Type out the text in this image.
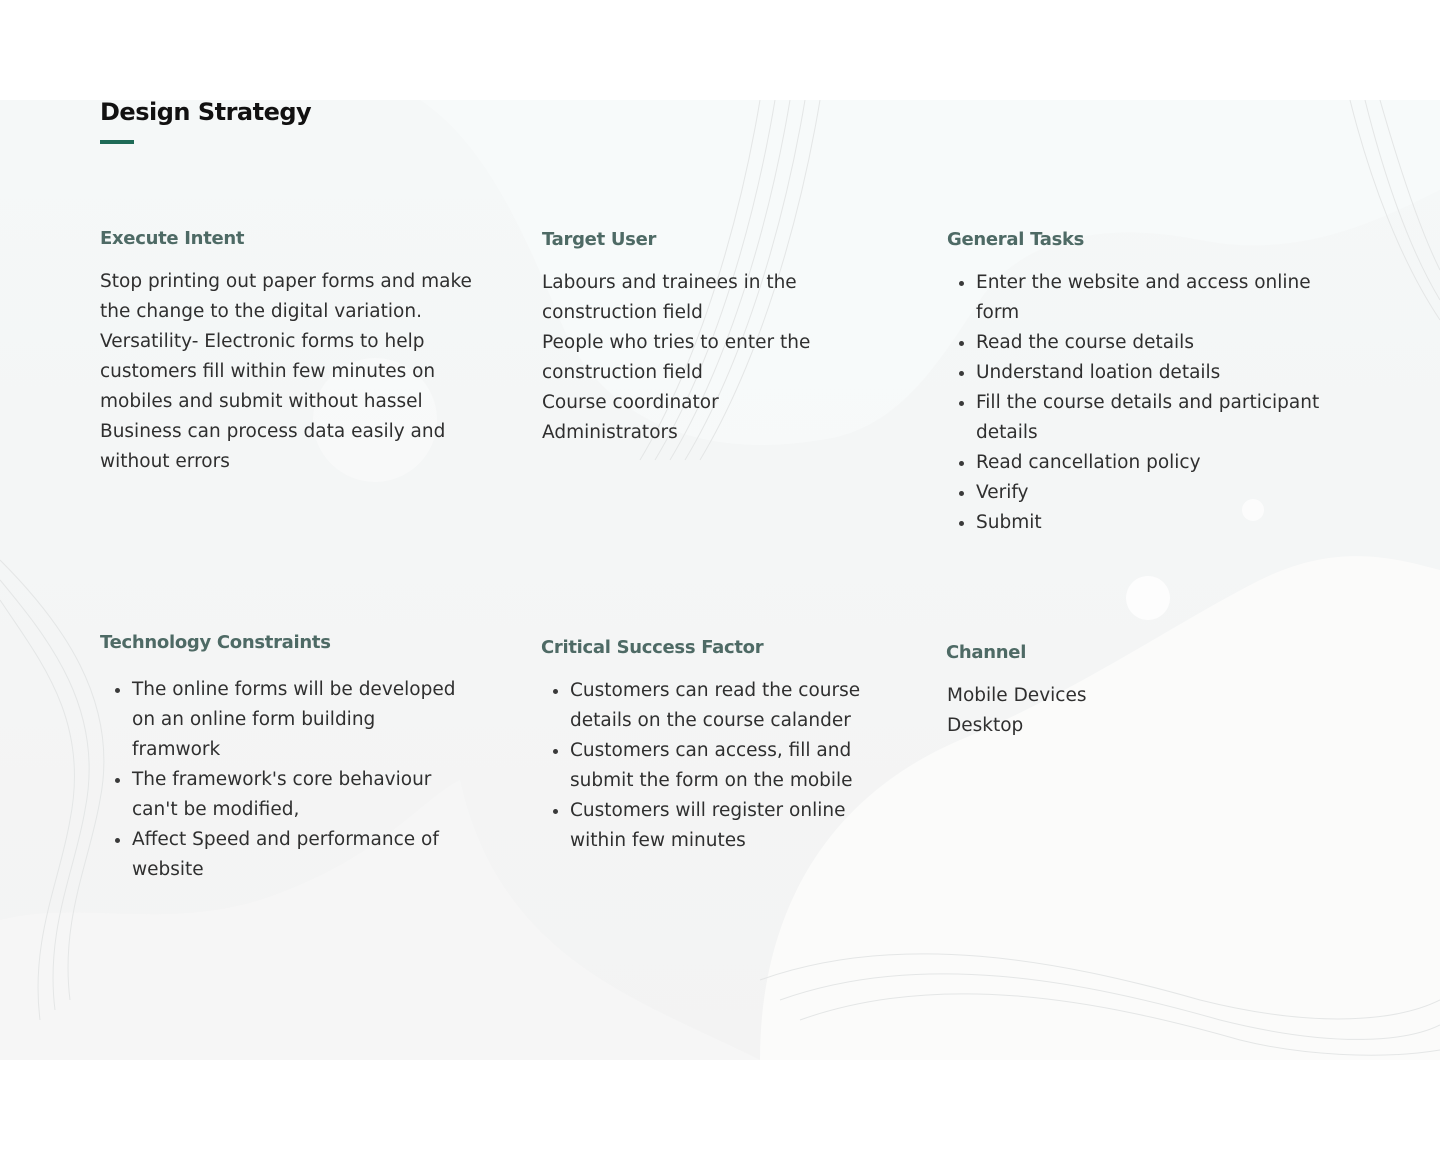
Design Strategy
Execute Intent

Stop printing out paper forms and make the change to the digital variation. Versatility- Electronic forms to help customers fill within few minutes on mobiles and submit without hassel

Business can process data easily and without errors

Target User

Labours and trainees in the construction field

People who tries to enter the construction field

Course coordinator

Administrators

General Tasks
Enter the website and access online form
Read the course details
Understand loation details
Fill the course details and participant details
Read cancellation policy
Verify
Submit
Technology Constraints
The online forms will be developed on an online form building framwork
The framework's core behaviour can't be modified,
Affect Speed and performance of website
Critical Success Factor
Customers can read the course details on the course calander
Customers can access, fill and submit the form on the mobile
Customers will register online within few minutes
Channel

Mobile Devices

Desktop
